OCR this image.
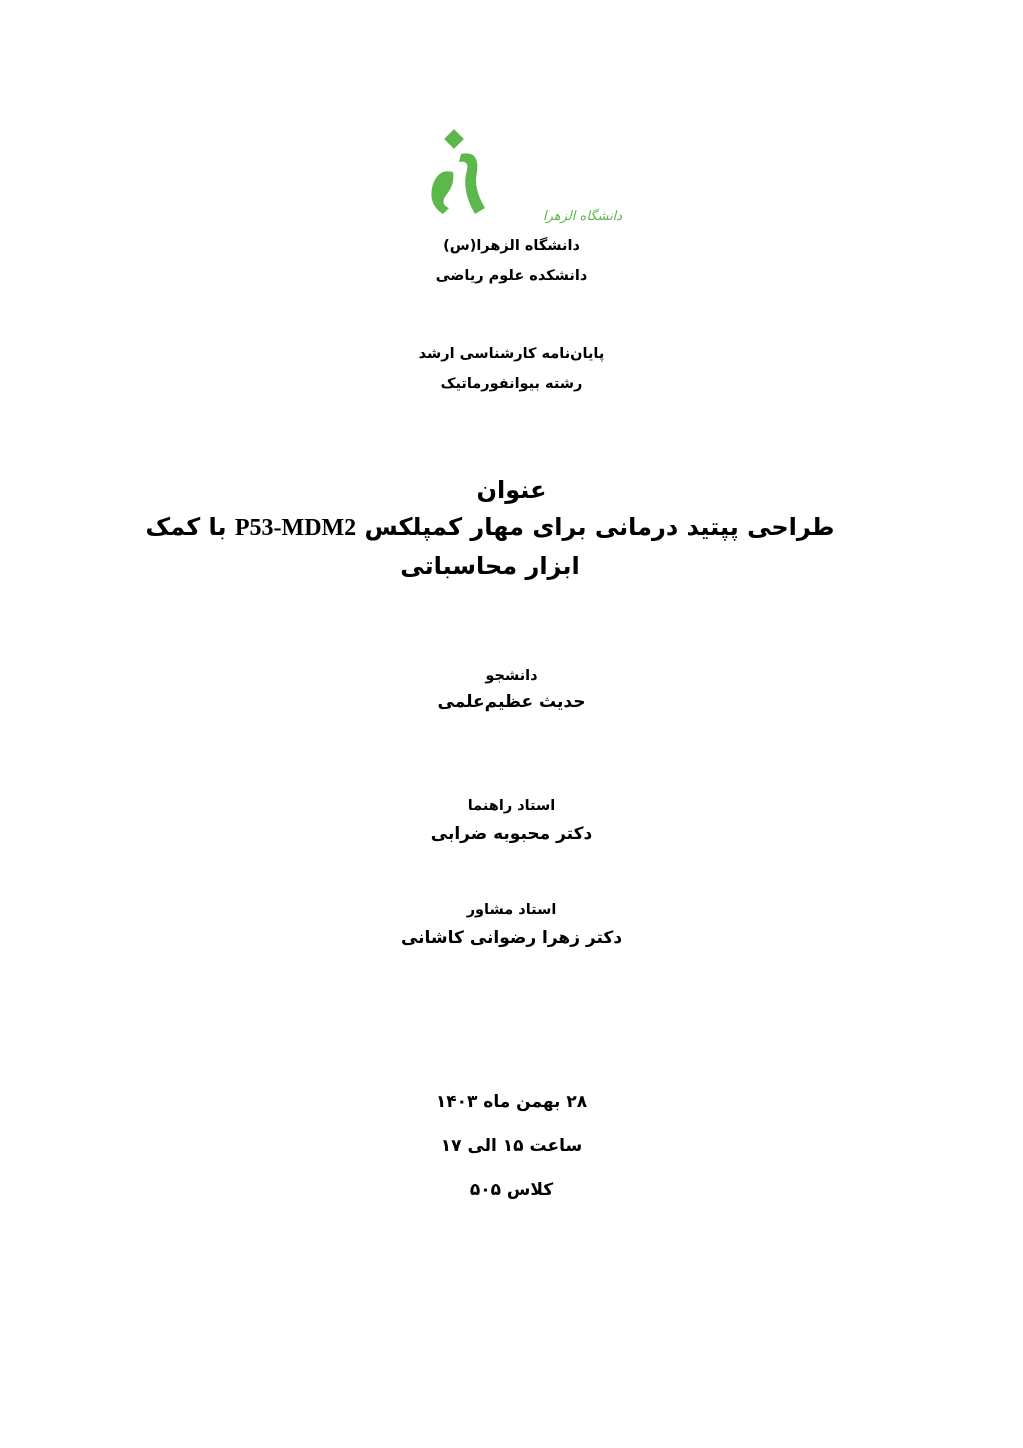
دانشگاه الزهرا
دانشگاه الزهرا(س)
دانشکده علوم ریاضی
پایان‌نامه کارشناسی ارشد
رشته بیوانفورماتیک
عنوان
طراحی پپتید درمانی برای مهار کمپلکس P53-MDM2 با کمک ابزار محاسباتی
دانشجو
حدیث عظیم‌علمی
استاد راهنما
دکتر محبوبه ضرابی
استاد مشاور
دکتر زهرا رضوانی کاشانی
۲۸ بهمن ماه ۱۴۰۳
ساعت ۱۵ الی ۱۷
کلاس ۵۰۵
